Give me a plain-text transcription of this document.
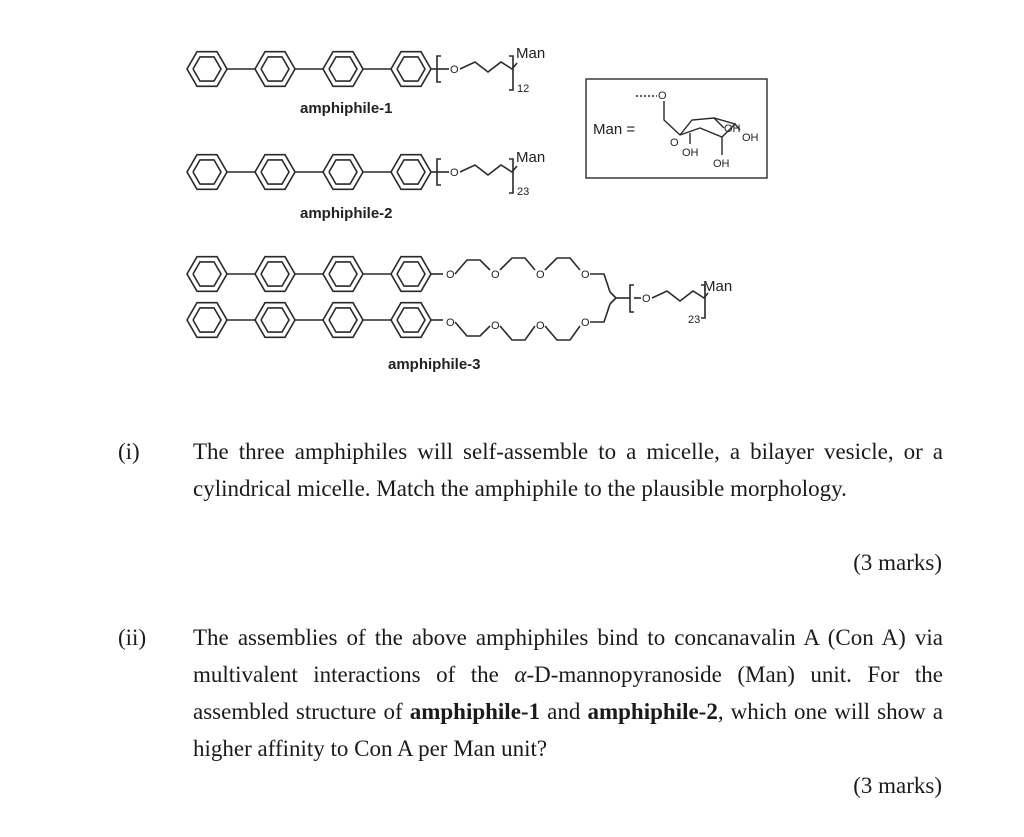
O
Man
12
amphiphile-1
O
Man
23
amphiphile-2
Man =
O
O
OH
OH
OH
OH
O	O	O	O
O	O	O	O
O
Man
23
amphiphile-3
(i) The three amphiphiles will self-assemble to a micelle, a bilayer vesicle, or a cylindrical micelle. Match the amphiphile to the plausible morphology.
(3 marks)
(ii) The assemblies of the above amphiphiles bind to concanavalin A (Con A) via multivalent interactions of the α-D-mannopyranoside (Man) unit. For the assembled structure of amphiphile-1 and amphiphile-2, which one will show a higher affinity to Con A per Man unit?
(3 marks)
